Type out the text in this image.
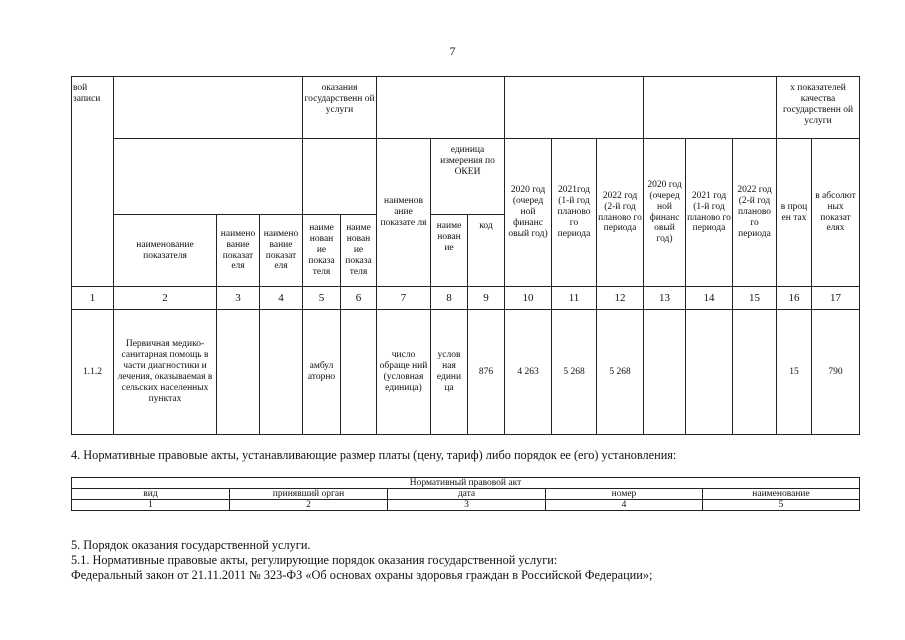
7
вой записи				оказания государственн ой услуги											х показателей качества государственн ой услуги	
						наименов ание показате ля	единица измерения по ОКЕИ		2020 год (очеред ной финанс овый год)	2021год (1-й год планово го периода	2022 год (2-й год планово го периода	2020 год (очеред ной финанс овый год)	2021 год (1-й год планово го периода	2022 год (2-й год планово го периода	в проц ен тах	в абсолют ных показат елях
	наименование показателя	наимено вание показат еля	наимено вание показат еля	наиме нован ие показа теля	наиме нован ие показа теля		наиме нован ие	код								
1	2	3	4	5	6	7	8	9	10	11	12	13	14	15	16	17
1.1.2	Первичная медико- санитарная помощь в части диагностики и лечения, оказываемая в сельских населенных пунктах			амбул аторно		число обраще ний (условная единица)	услов ная едини ца	876	4 263	5 268	5 268				15	790
4. Нормативные правовые акты, устанавливающие размер платы (цену, тариф) либо порядок ее (его) установления:
Нормативный правовой акт				
вид	принявший орган	дата	номер	наименование
1	2	3	4	5
5. Порядок оказания государственной услуги.
5.1. Нормативные правовые акты, регулирующие порядок оказания государственной услуги:
Федеральный закон от 21.11.2011 № 323-ФЗ «Об основах охраны здоровья граждан в Российской Федерации»;
